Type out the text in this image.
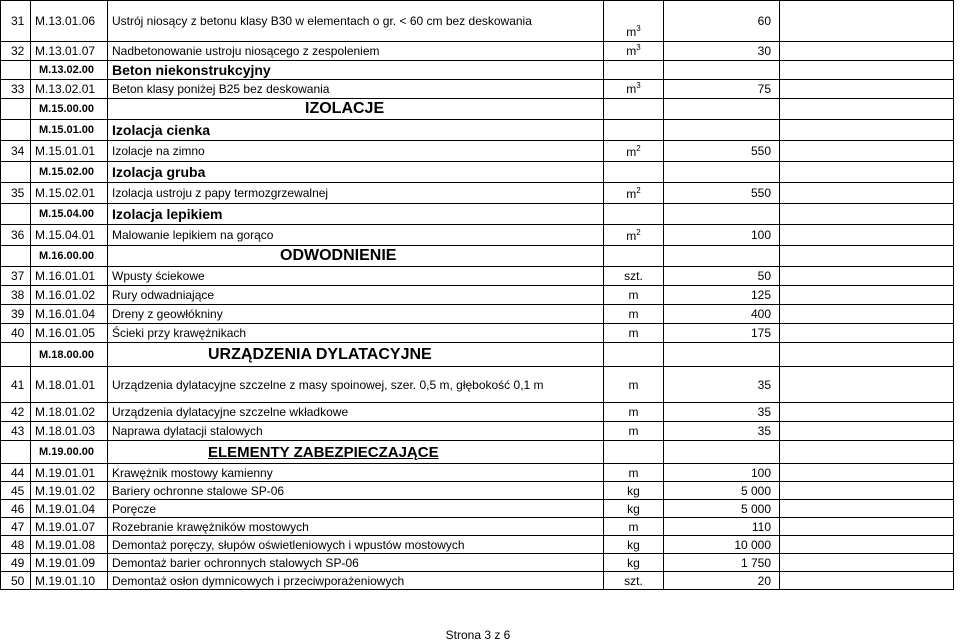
31	M.13.01.06	Ustrój niosący z betonu klasy B30 w elementach o gr. < 60 cm bez deskowania	$m^3$	60	
32	M.13.01.07	Nadbetonowanie ustroju niosącego z zespoleniem	$m^3$	30	
	M.13.02.00	Beton niekonstrukcyjny			
33	M.13.02.01	Beton klasy poniżej B25 bez deskowania	$m^3$	75	
	M.15.00.00	IZOLACJE			
	M.15.01.00	Izolacja cienka			
34	M.15.01.01	Izolacje na zimno	$m^2$	550	
	M.15.02.00	Izolacja gruba			
35	M.15.02.01	Izolacja ustroju z papy termozgrzewalnej	$m^2$	550	
	M.15.04.00	Izolacja lepikiem			
36	M.15.04.01	Malowanie lepikiem na gorąco	$m^2$	100	
	M.16.00.00	ODWODNIENIE			
37	M.16.01.01	Wpusty ściekowe	szt.	50	
38	M.16.01.02	Rury odwadniające	m	125	
39	M.16.01.04	Dreny z geowłókniny	m	400	
40	M.16.01.05	Ścieki przy krawężnikach	m	175	
	M.18.00.00	URZĄDZENIA DYLATACYJNE			
41	M.18.01.01	Urządzenia dylatacyjne szczelne z masy spoinowej, szer. 0,5 m, głębokość 0,1 m	m	35	
42	M.18.01.02	Urządzenia dylatacyjne szczelne wkładkowe	m	35	
43	M.18.01.03	Naprawa dylatacji stalowych	m	35	
	M.19.00.00	ELEMENTY ZABEZPIECZAJĄCE			
44	M.19.01.01	Krawężnik mostowy kamienny	m	100	
45	M.19.01.02	Bariery ochronne stalowe SP-06	kg	5 000	
46	M.19.01.04	Poręcze	kg	5 000	
47	M.19.01.07	Rozebranie krawężników mostowych	m	110	
48	M.19.01.08	Demontaż poręczy, słupów oświetleniowych i wpustów mostowych	kg	10 000	
49	M.19.01.09	Demontaż barier ochronnych stalowych SP-06	kg	1 750	
50	M.19.01.10	Demontaż osłon dymnicowych i przeciwporażeniowych	szt.	20	
Strona 3 z 6
